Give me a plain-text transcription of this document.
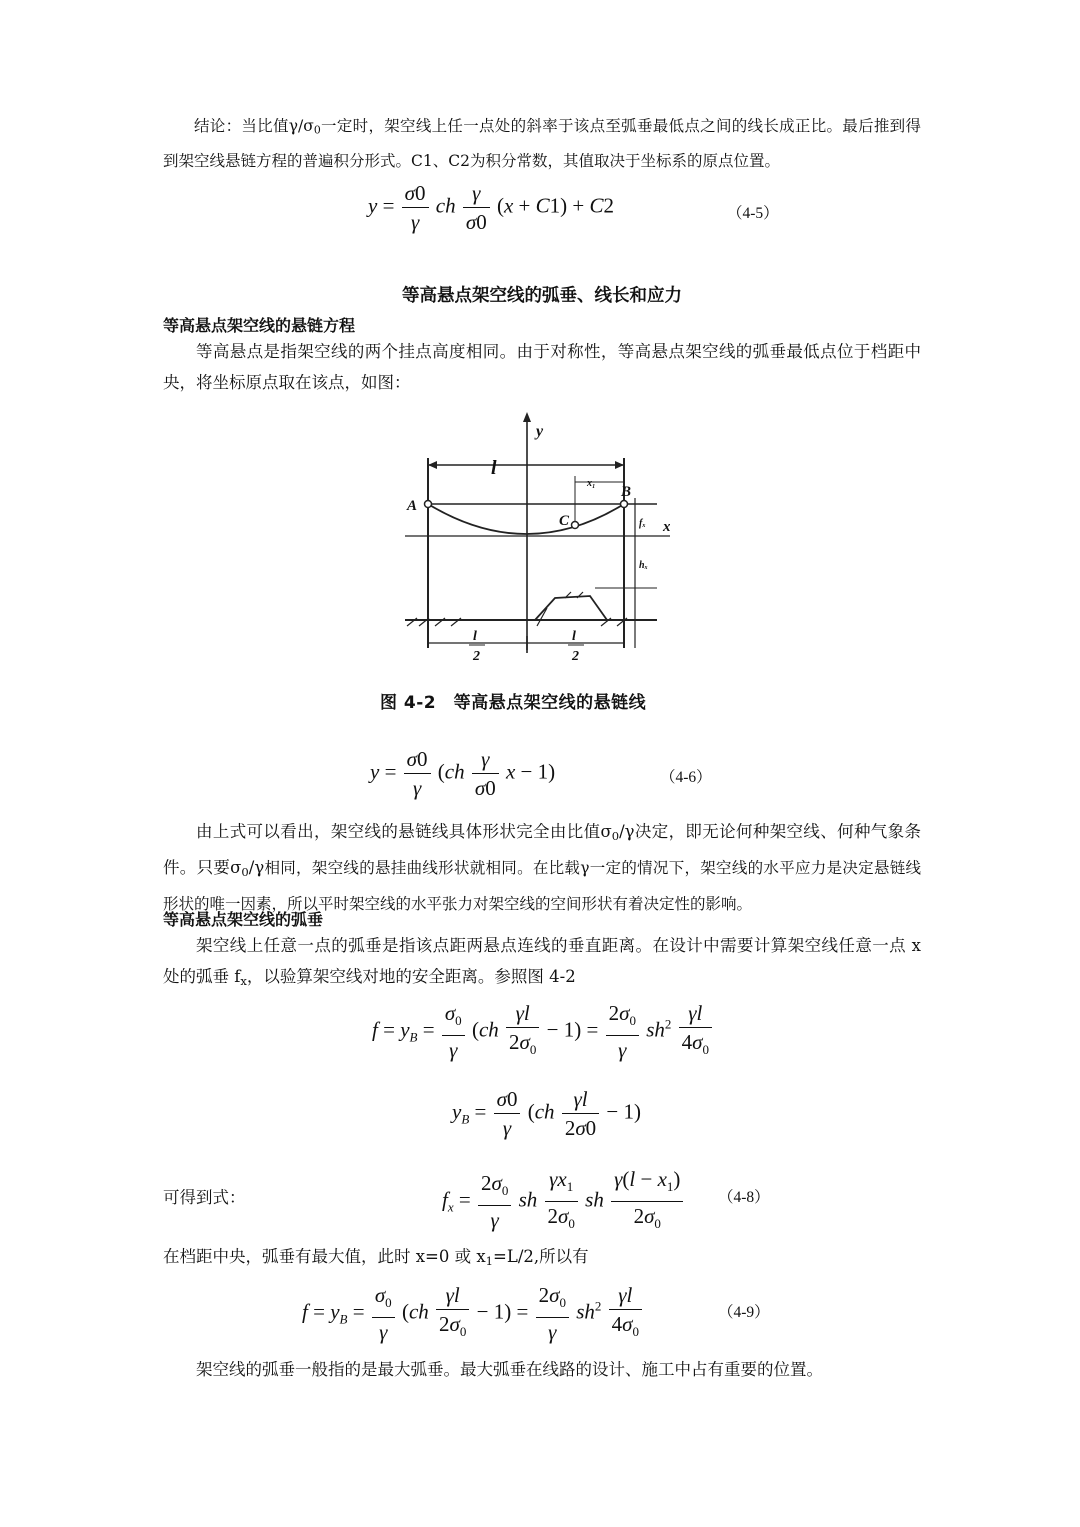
结论：当比值$\gamma/\sigma_0$一定时，架空线上任一点处的斜率于该点至弧垂最低点之间的线长成正比。最后推到得到架空线悬链方程的普遍积分形式。C1、C2为积分常数，其值取决于坐标系的原点位置。
$y = \frac{\sigma 0}{\gamma}$ ch $\frac{\gamma}{\sigma 0} (x + C1) + C2$	（4-5）
等高悬点架空线的弧垂、线长和应力
等高悬点架空线的悬链方程
等高悬点是指架空线的两个挂点高度相同。由于对称性，等高悬点架空线的弧垂最低点位于档距中央，将坐标原点取在该点，如图：
y
l
A
B
C
x₁
x
fₓ
hₓ
l
2
l
2
图 4-2　等高悬点架空线的悬链线
$y = \frac{\sigma 0}{\gamma} (ch \frac{\gamma}{\sigma 0}$ x − 1)	（4-6）
由上式可以看出，架空线的悬链线具体形状完全由比值$\sigma_0/\gamma$决定，即无论何种架空线、何种气象条件。只要$\sigma_0/\gamma$相同，架空线的悬挂曲线形状就相同。在比载γ一定的情况下，架空线的水平应力是决定悬链线形状的唯一因素，所以平时架空线的水平张力对架空线的空间形状有着决定性的影响。
等高悬点架空线的弧垂
架空线上任意一点的弧垂是指该点距两悬点连线的垂直距离。在设计中需要计算架空线任意一点 x 处的弧垂 $f_x$，以验算架空线对地的安全距离。参照图 4-2
$f = y_B = \frac{\sigma_0}{\gamma} (ch \frac{\gamma l}{2\sigma_0} - 1) = \frac{2\sigma_0}{\gamma} sh^2 \frac{\gamma l}{4\sigma_0}$
$y_B = \frac{\sigma 0}{\gamma} (ch \frac{\gamma l}{2\sigma 0} - 1)$
可得到式：	$f_x = \frac{2\sigma_0}{\gamma}$ sh $\frac{\gamma x_1}{2\sigma_0}$ sh $\frac{\gamma(l - x_1)}{2\sigma_0} (4-8)$
在档距中央，弧垂有最大值，此时 x=0 或 $x_1=L/2$,所以有
$f = y_B = \frac{\sigma_0}{\gamma} (ch \frac{\gamma l}{2\sigma_0} - 1) = \frac{2\sigma_0}{\gamma} sh^2 \frac{\gamma l}{4\sigma_0}$	（4-9）
架空线的弧垂一般指的是最大弧垂。最大弧垂在线路的设计、施工中占有重要的位置。
